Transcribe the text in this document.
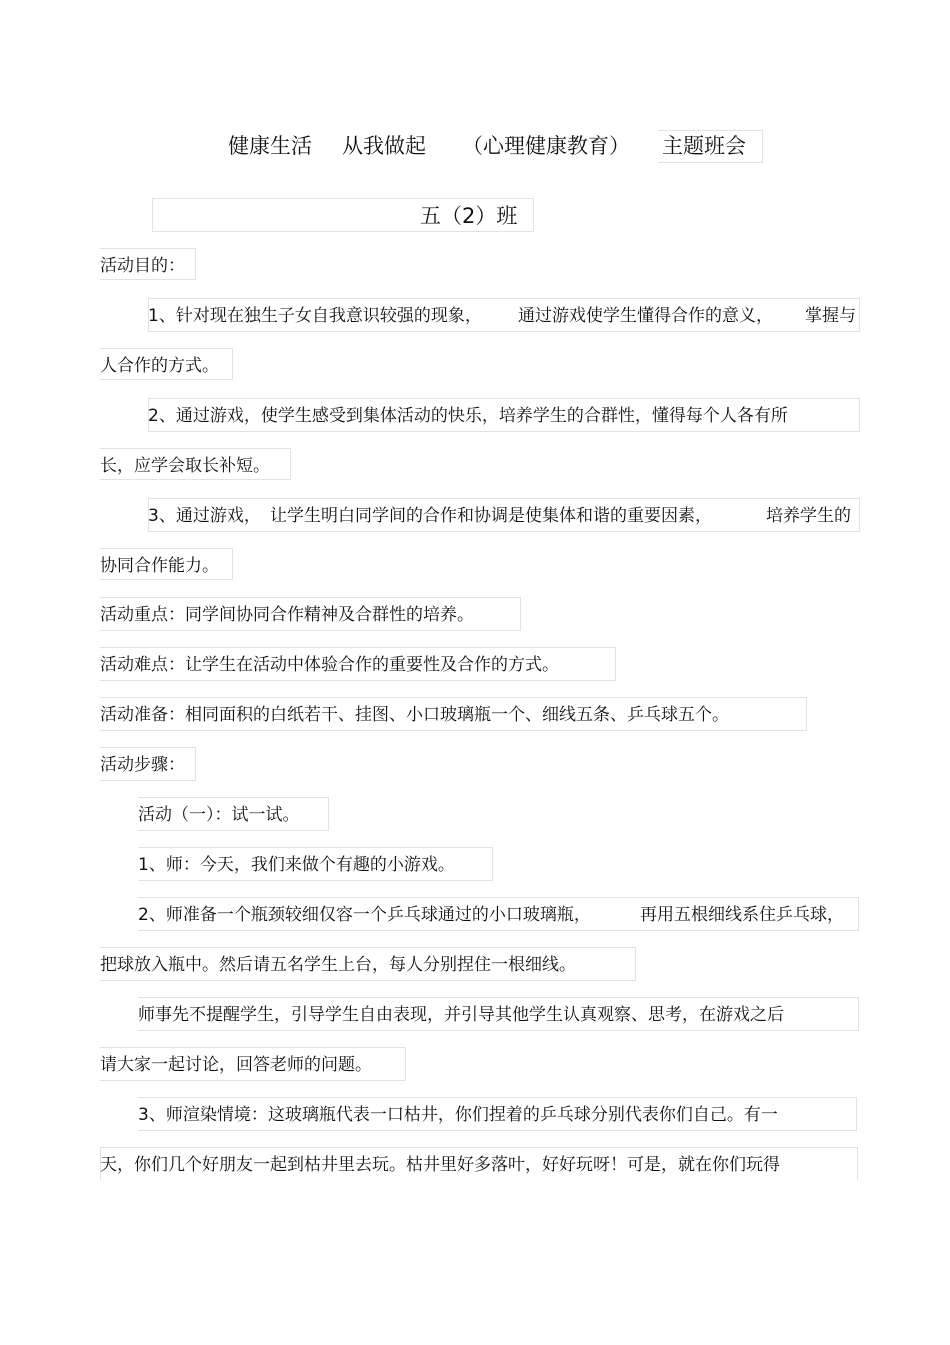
健康生活 从我做起 （心理健康教育） 主题班会
五（2）班
活动目的：
1、针对现在独生子女自我意识较强的现象， 通过游戏使学生懂得合作的意义， 掌握与
人合作的方式。
2、通过游戏，使学生感受到集体活动的快乐，培养学生的合群性，懂得每个人各有所
长，应学会取长补短。
3、通过游戏， 让学生明白同学间的合作和协调是使集体和谐的重要因素，	培养学生的
协同合作能力。
活动重点：同学间协同合作精神及合群性的培养。
活动难点：让学生在活动中体验合作的重要性及合作的方式。
活动准备：相同面积的白纸若干、挂图、小口玻璃瓶一个、细线五条、乒乓球五个。
活动步骤：
活动（一）：试一试。
1、师：今天，我们来做个有趣的小游戏。
2、师准备一个瓶颈较细仅容一个乒乓球通过的小口玻璃瓶，	再用五根细线系住乒乓球，
把球放入瓶中。然后请五名学生上台，每人分别捏住一根细线。
师事先不提醒学生，引导学生自由表现，并引导其他学生认真观察、思考，在游戏之后
请大家一起讨论，回答老师的问题。
3、师渲染情境：这玻璃瓶代表一口枯井，你们捏着的乒乓球分别代表你们自己。有一
天，你们几个好朋友一起到枯井里去玩。枯井里好多落叶，好好玩呀！可是，就在你们玩得
